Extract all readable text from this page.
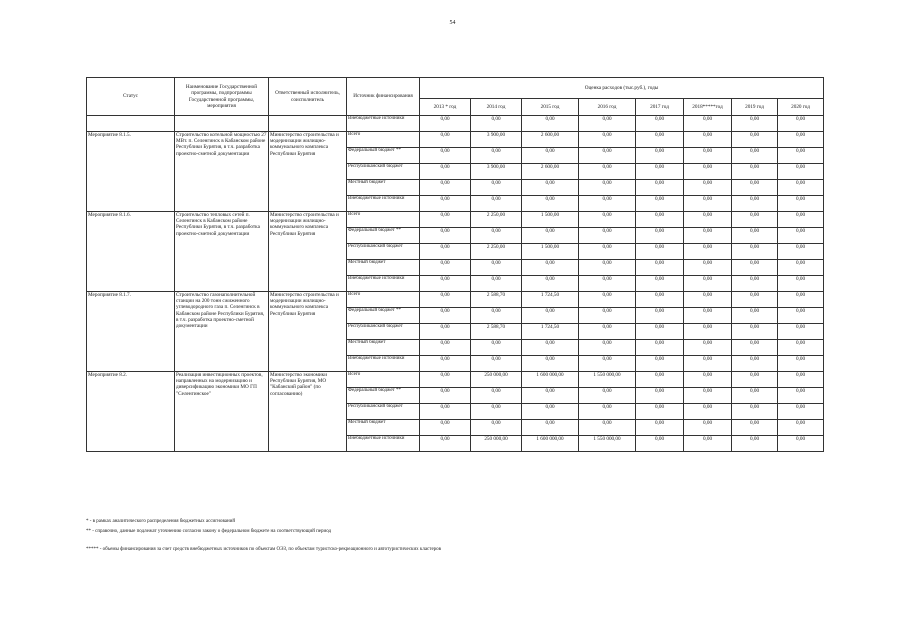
54
Статус	Наименование Государственной программы, подпрограммы Государственной программы, мероприятия	Ответственный исполнитель, соисполнитель	Источник финансирования	Оценка расходов (тыс.руб.), годы							
				2013 * год	2014 год	2015 год	2016 год	2017 год	2018*****год	2019 год	2020 год
			Внебюджетные источники	0,00	0,00	0,00	0,00	0,00	0,00	0,00	0,00
Мероприятие 8.1.5.	Строительство котельной мощностью 27 МВт. п. Селенгинск в Кабанском районе Республики Бурятия, в т.ч. разработка проектно-сметной документации	Министерство строительства и модернизации жилищно-коммунального комплекса Республики Бурятия	Всего	0,00	3 900,00	2 600,00	0,00	0,00	0,00	0,00	0,00
			Федеральный бюджет **	0,00	0,00	0,00	0,00	0,00	0,00	0,00	0,00
			Республиканский бюджет	0,00	3 900,00	2 600,00	0,00	0,00	0,00	0,00	0,00
			Местный бюджет	0,00	0,00	0,00	0,00	0,00	0,00	0,00	0,00
			Внебюджетные источники	0,00	0,00	0,00	0,00	0,00	0,00	0,00	0,00
Мероприятие 8.1.6.	Строительство тепловых сетей п. Селенгинск в Кабанском районе Республики Бурятия, в т.ч. разработка проектно-сметной документации	Министерство строительства и модернизации жилищно-коммунального комплекса Республики Бурятия	Всего	0,00	2 250,00	1 500,00	0,00	0,00	0,00	0,00	0,00
			Федеральный бюджет **	0,00	0,00	0,00	0,00	0,00	0,00	0,00	0,00
			Республиканский бюджет	0,00	2 250,00	1 500,00	0,00	0,00	0,00	0,00	0,00
			Местный бюджет	0,00	0,00	0,00	0,00	0,00	0,00	0,00	0,00
			Внебюджетные источники	0,00	0,00	0,00	0,00	0,00	0,00	0,00	0,00
Мероприятие 8.1.7.	Строительство газонаполнительной станции на 200 тонн сжиженного углеводородного газа п. Селенгинск в Кабанском районе Республики Бурятия, в т.ч. разработка проектно-сметной документации	Министерство строительства и модернизации жилищно-коммунального комплекса Республики Бурятия	Всего	0,00	2 588,70	1 724,50	0,00	0,00	0,00	0,00	0,00
			Федеральный бюджет **	0,00	0,00	0,00	0,00	0,00	0,00	0,00	0,00
			Республиканский бюджет	0,00	2 588,70	1 724,50	0,00	0,00	0,00	0,00	0,00
			Местный бюджет	0,00	0,00	0,00	0,00	0,00	0,00	0,00	0,00
			Внебюджетные источники	0,00	0,00	0,00	0,00	0,00	0,00	0,00	0,00
Мероприятие 8.2.	Реализация инвестиционных проектов, направленных на модернизацию и диверсификацию экономики МО ГП "Селенгинское"	Министерство экономики Республики Бурятия, МО "Кабанский район" (по согласованию)	Всего	0,00	250 000,00	1 600 000,00	1 550 000,00	0,00	0,00	0,00	0,00
			Федеральный бюджет **	0,00	0,00	0,00	0,00	0,00	0,00	0,00	0,00
			Республиканский бюджет	0,00	0,00	0,00	0,00	0,00	0,00	0,00	0,00
			Местный бюджет	0,00	0,00	0,00	0,00	0,00	0,00	0,00	0,00
			Внебюджетные источники	0,00	250 000,00	1 600 000,00	1 550 000,00	0,00	0,00	0,00	0,00

* - в рамках аналитического распределения бюджетных ассигнований

** - справочно, данные подлежат уточнению согласно закону о федеральном бюджете на соответствующий период

***** - объемы финансирования за счет средств внебюджетных источников по объектам ОЭЗ, по объектам туристско-рекреационного и автотуристических кластеров
